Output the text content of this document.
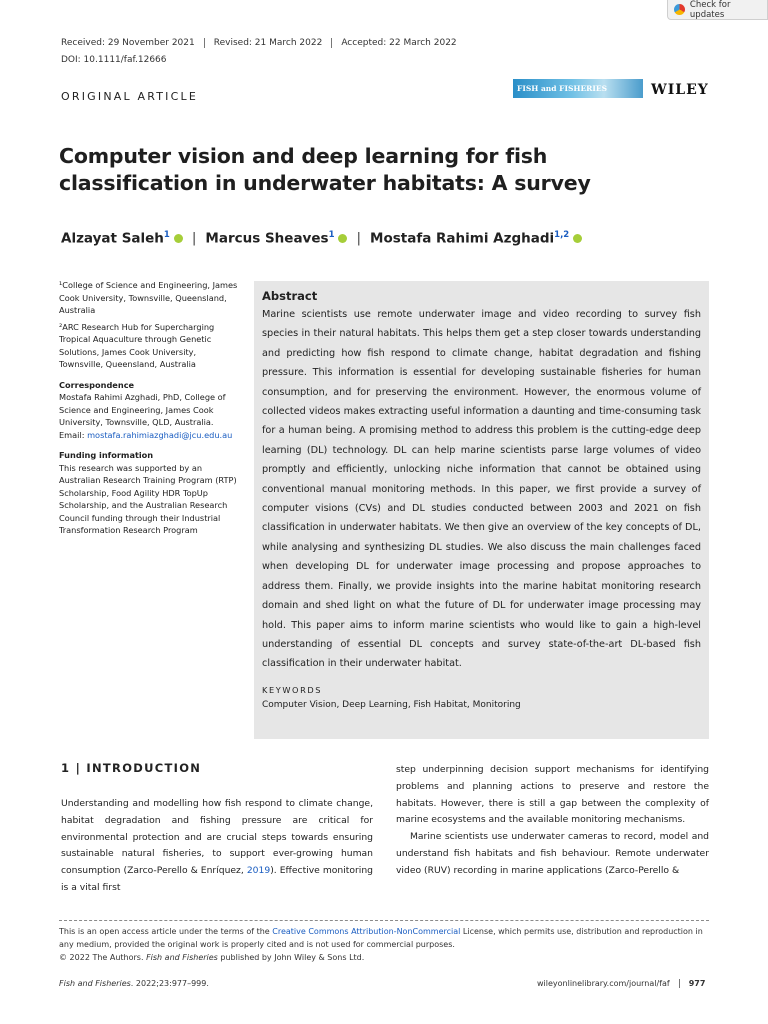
Check for updates
Received: 29 November 2021	Revised: 21 March 2022	Accepted: 22 March 2022
DOI: 10.1111/faf.12666
ORIGINAL ARTICLE
FISH and FISHERIES	WILEY
Computer vision and deep learning for fish classification in underwater habitats: A survey
Alzayat Saleh$^1$	| Marcus Sheaves$^1$	| Mostafa Rahimi Azghadi$^{1,2}$

¹College of Science and Engineering, James Cook University, Townsville, Queensland, Australia

²ARC Research Hub for Supercharging Tropical Aquaculture through Genetic Solutions, James Cook University, Townsville, Queensland, Australia

Correspondence

Mostafa Rahimi Azghadi, PhD, College of Science and Engineering, James Cook University, Townsville, QLD, Australia. Email: mostafa.rahimiazghadi@jcu.edu.au

Funding information

This research was supported by an Australian Research Training Program (RTP) Scholarship, Food Agility HDR TopUp Scholarship, and the Australian Research Council funding through their Industrial Transformation Research Program

Abstract
Marine scientists use remote underwater image and video recording to survey fish species in their natural habitats. This helps them get a step closer towards understanding and predicting how fish respond to climate change, habitat degradation and fishing pressure. This information is essential for developing sustainable fisheries for human consumption, and for preserving the environment. However, the enormous volume of collected videos makes extracting useful information a daunting and time-consuming task for a human being. A promising method to address this problem is the cutting-edge deep learning (DL) technology. DL can help marine scientists parse large volumes of video promptly and efficiently, unlocking niche information that cannot be obtained using conventional manual monitoring methods. In this paper, we first provide a survey of computer visions (CVs) and DL studies conducted between 2003 and 2021 on fish classification in underwater habitats. We then give an overview of the key concepts of DL, while analysing and synthesizing DL studies. We also discuss the main challenges faced when developing DL for underwater image processing and propose approaches to address them. Finally, we provide insights into the marine habitat monitoring research domain and shed light on what the future of DL for underwater image processing may hold. This paper aims to inform marine scientists who would like to gain a high-level understanding of essential DL concepts and survey state-of-the-art DL-based fish classification in their underwater habitat.
KEYWORDS
Computer Vision, Deep Learning, Fish Habitat, Monitoring
1 | INTRODUCTION

Understanding and modelling how fish respond to climate change, habitat degradation and fishing pressure are critical for environmental protection and are crucial steps towards ensuring sustainable natural fisheries, to support ever-growing human consumption (Zarco-Perello & Enríquez, 2019). Effective monitoring is a vital first

step underpinning decision support mechanisms for identifying problems and planning actions to preserve and restore the habitats. However, there is still a gap between the complexity of marine ecosystems and the available monitoring mechanisms.

Marine scientists use underwater cameras to record, model and understand fish habitats and fish behaviour. Remote underwater video (RUV) recording in marine applications (Zarco-Perello &

This is an open access article under the terms of the Creative Commons Attribution-NonCommercial License, which permits use, distribution and reproduction in any medium, provided the original work is properly cited and is not used for commercial purposes.
© 2022 The Authors. Fish and Fisheries published by John Wiley & Sons Ltd.
Fish and Fisheries. 2022;23:977–999.	wileyonlinelibrary.com/journal/faf	977
